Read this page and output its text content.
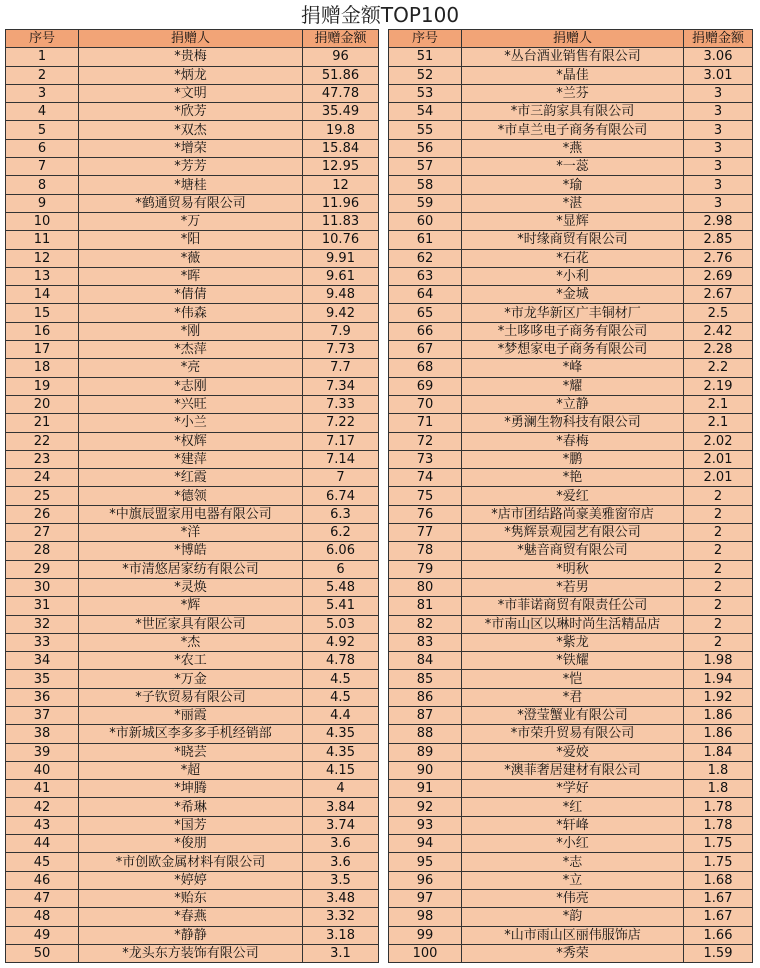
捐赠金额TOP100
序号	捐赠人	捐赠金额
1	*贵梅	96
2	*炳龙	51.86
3	*文明	47.78
4	*欣芳	35.49
5	*双杰	19.8
6	*增荣	15.84
7	*芳芳	12.95
8	*塘桂	12
9	*鹤通贸易有限公司	11.96
10	*万	11.83
11	*阳	10.76
12	*薇	9.91
13	*晖	9.61
14	*倩倩	9.48
15	*伟森	9.42
16	*刚	7.9
17	*杰萍	7.73
18	*亮	7.7
19	*志刚	7.34
20	*兴旺	7.33
21	*小兰	7.22
22	*权辉	7.17
23	*建萍	7.14
24	*红霞	7
25	*德领	6.74
26	*中旗辰盟家用电器有限公司	6.3
27	*洋	6.2
28	*博皓	6.06
29	*市清悠居家纺有限公司	6
30	*灵焕	5.48
31	*辉	5.41
32	*世匠家具有限公司	5.03
33	*杰	4.92
34	*农工	4.78
35	*万金	4.5
36	*子钦贸易有限公司	4.5
37	*丽霞	4.4
38	*市新城区李多多手机经销部	4.35
39	*晓芸	4.35
40	*超	4.15
41	*坤腾	4
42	*希琳	3.84
43	*国芳	3.74
44	*俊朋	3.6
45	*市创欧金属材料有限公司	3.6
46	*婷婷	3.5
47	*贻东	3.48
48	*春燕	3.32
49	*静静	3.18
50	*龙头东方装饰有限公司	3.1
序号	捐赠人	捐赠金额
51	*丛台酒业销售有限公司	3.06
52	*晶佳	3.01
53	*兰芬	3
54	*市三韵家具有限公司	3
55	*市卓兰电子商务有限公司	3
56	*燕	3
57	*一蕊	3
58	*瑜	3
59	*湛	3
60	*显辉	2.98
61	*时缘商贸有限公司	2.85
62	*石花	2.76
63	*小利	2.69
64	*金城	2.67
65	*市龙华新区广丰铜材厂	2.5
66	*土哆哆电子商务有限公司	2.42
67	*梦想家电子商务有限公司	2.28
68	*峰	2.2
69	*耀	2.19
70	*立静	2.1
71	*勇澜生物科技有限公司	2.1
72	*春梅	2.02
73	*鹏	2.01
74	*艳	2.01
75	*爱红	2
76	*店市团结路尚豪美雅窗帘店	2
77	*隽辉景观园艺有限公司	2
78	*魅音商贸有限公司	2
79	*明秋	2
80	*若男	2
81	*市菲诺商贸有限责任公司	2
82	*市南山区以琳时尚生活精品店	2
83	*紫龙	2
84	*铁耀	1.98
85	*恺	1.94
86	*君	1.92
87	*澄莹蟹业有限公司	1.86
88	*市荣升贸易有限公司	1.86
89	*爱姣	1.84
90	*澳菲奢居建材有限公司	1.8
91	*学好	1.8
92	*红	1.78
93	*轩峰	1.78
94	*小红	1.75
95	*志	1.75
96	*立	1.68
97	*伟亮	1.67
98	*韵	1.67
99	*山市雨山区丽伟服饰店	1.66
100	*秀荣	1.59
